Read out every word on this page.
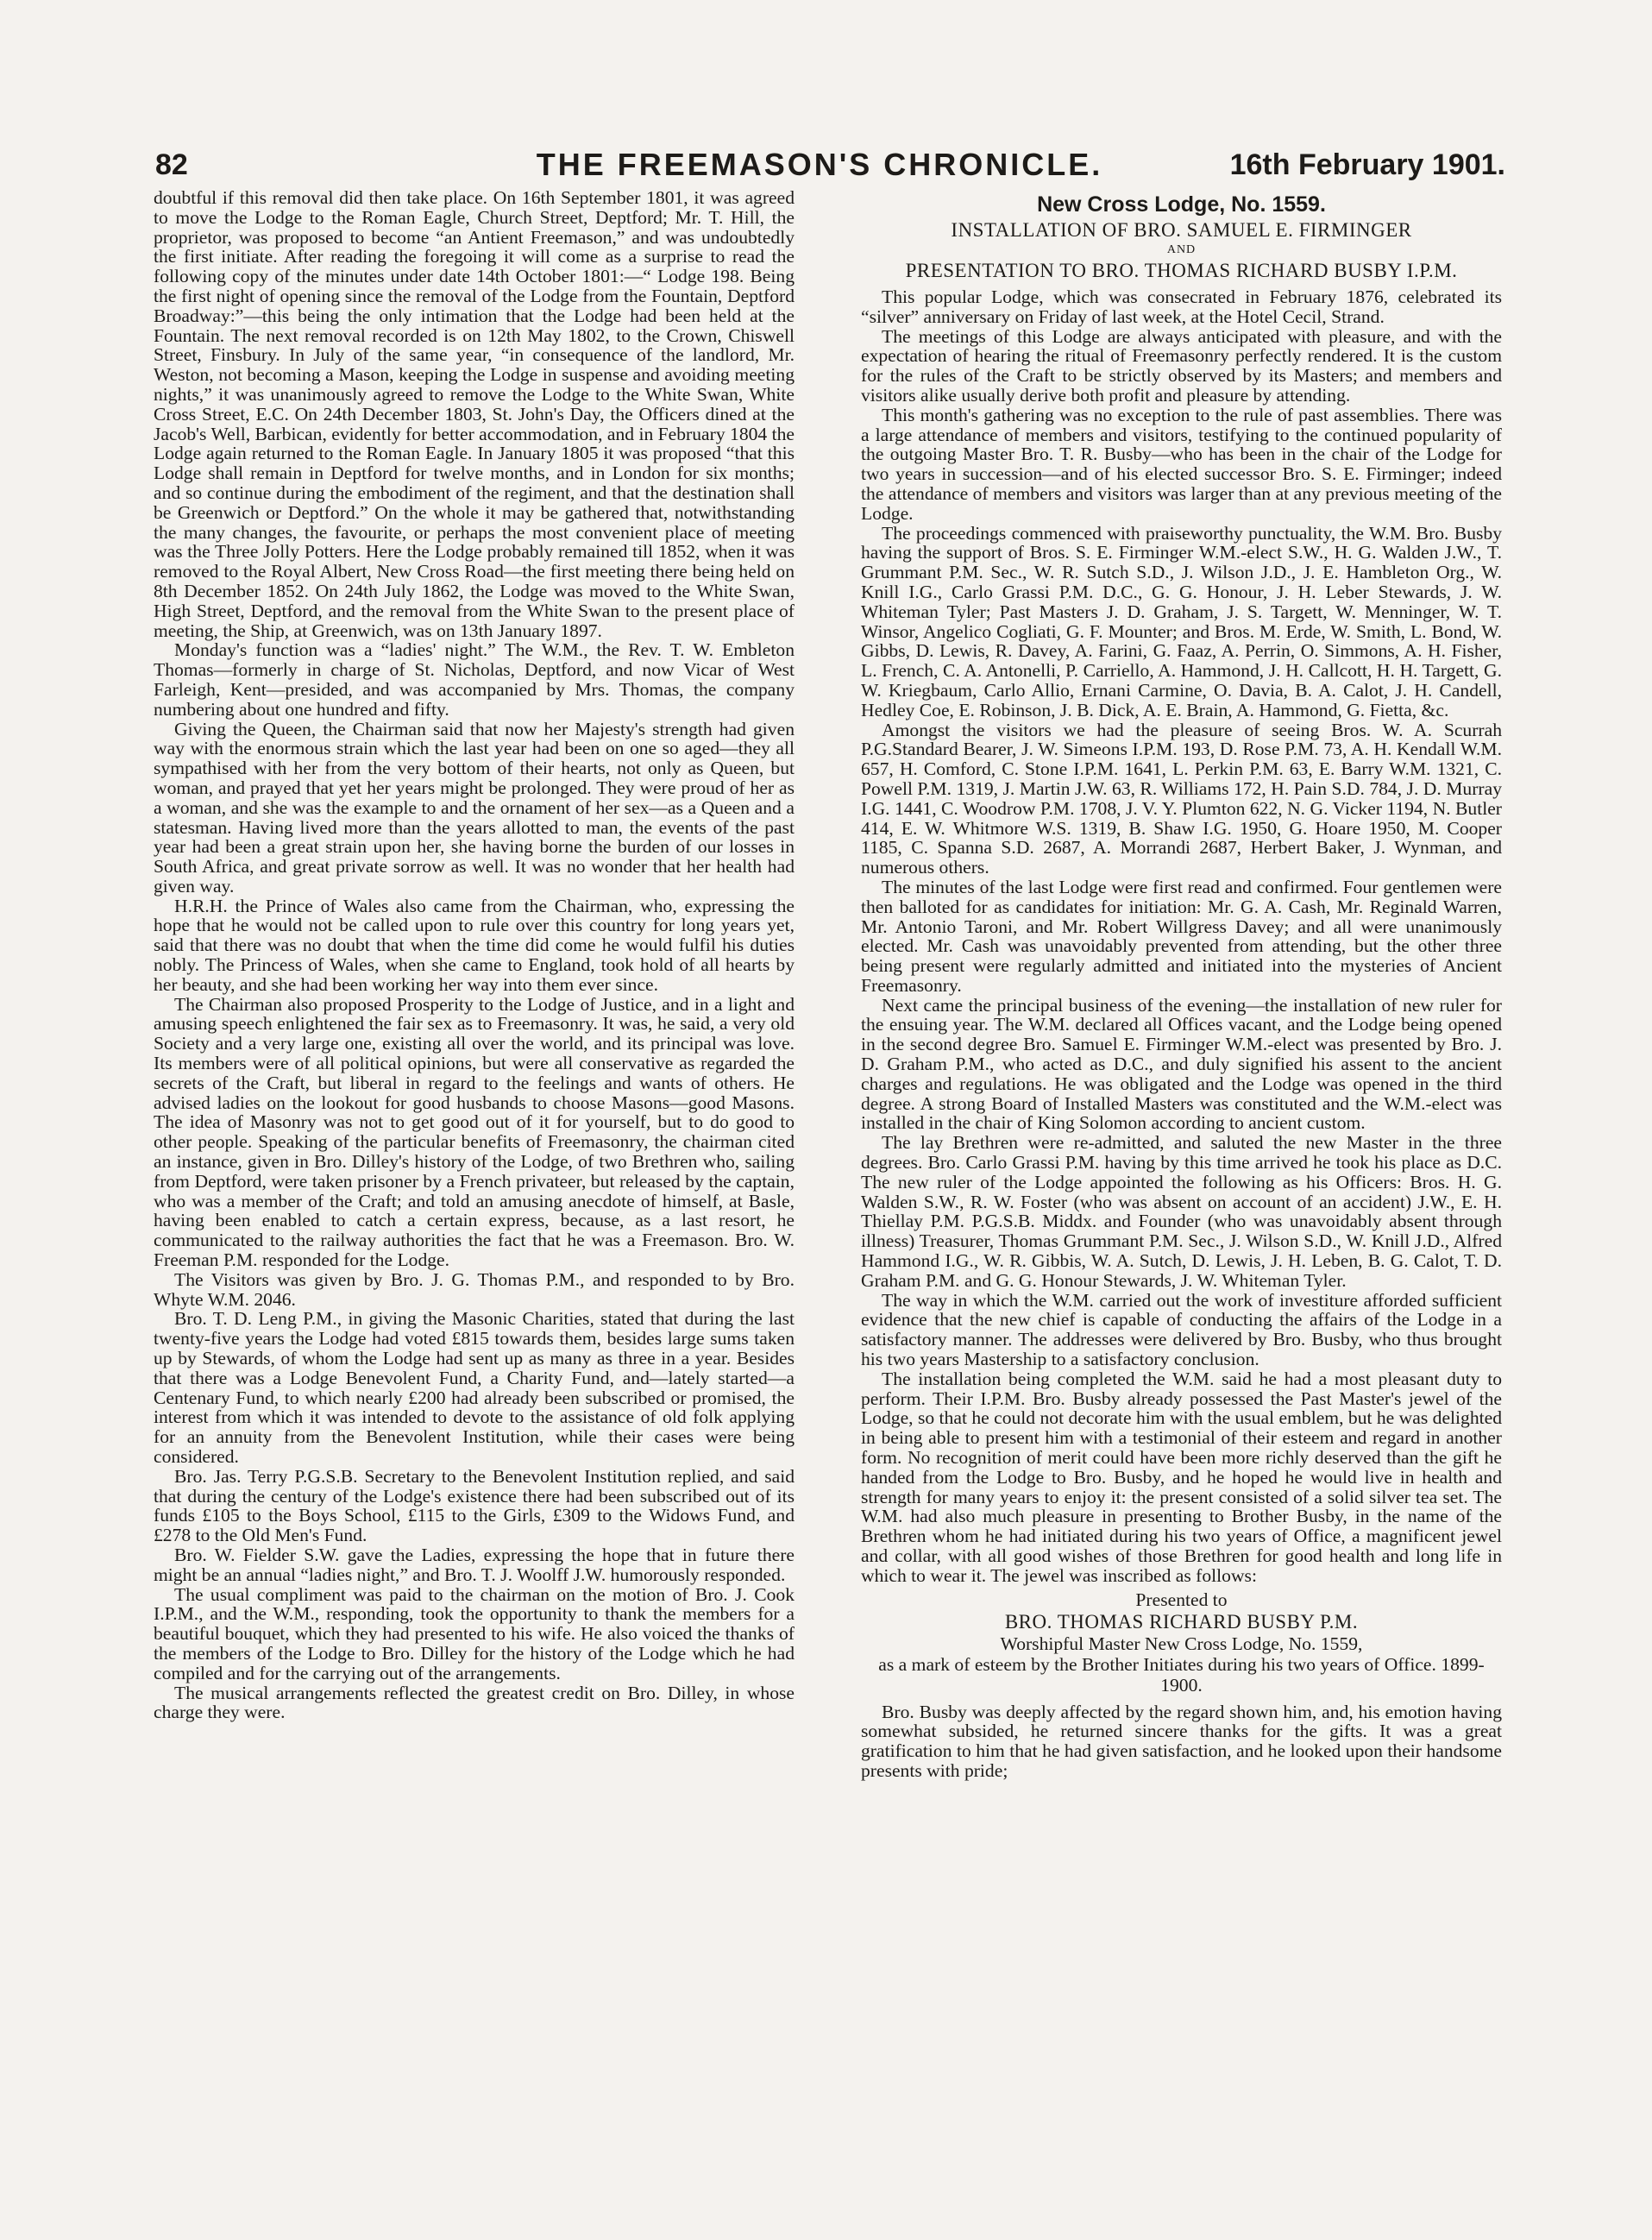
82	THE FREEMASON'S CHRONICLE.	16th February 1901.

doubtful if this removal did then take place. On 16th September 1801, it was agreed to move the Lodge to the Roman Eagle, Church Street, Deptford; Mr. T. Hill, the proprietor, was proposed to become “an Antient Freemason,” and was undoubtedly the first initiate. After reading the foregoing it will come as a surprise to read the following copy of the minutes under date 14th October 1801:—“ Lodge 198. Being the first night of opening since the removal of the Lodge from the Fountain, Deptford Broadway:”—this being the only intimation that the Lodge had been held at the Fountain. The next removal recorded is on 12th May 1802, to the Crown, Chiswell Street, Finsbury. In July of the same year, “in consequence of the landlord, Mr. Weston, not becoming a Mason, keeping the Lodge in suspense and avoiding meeting nights,” it was unanimously agreed to remove the Lodge to the White Swan, White Cross Street, E.C. On 24th December 1803, St. John's Day, the Officers dined at the Jacob's Well, Barbican, evidently for better accommodation, and in February 1804 the Lodge again returned to the Roman Eagle. In January 1805 it was proposed “that this Lodge shall remain in Deptford for twelve months, and in London for six months; and so continue during the embodiment of the regiment, and that the destination shall be Greenwich or Deptford.” On the whole it may be gathered that, notwithstanding the many changes, the favourite, or perhaps the most convenient place of meeting was the Three Jolly Potters. Here the Lodge probably remained till 1852, when it was removed to the Royal Albert, New Cross Road—the first meeting there being held on 8th December 1852. On 24th July 1862, the Lodge was moved to the White Swan, High Street, Deptford, and the removal from the White Swan to the present place of meeting, the Ship, at Greenwich, was on 13th January 1897.

Monday's function was a “ladies' night.” The W.M., the Rev. T. W. Embleton Thomas—formerly in charge of St. Nicholas, Deptford, and now Vicar of West Farleigh, Kent—presided, and was accompanied by Mrs. Thomas, the company numbering about one hundred and fifty.

Giving the Queen, the Chairman said that now her Majesty's strength had given way with the enormous strain which the last year had been on one so aged—they all sympathised with her from the very bottom of their hearts, not only as Queen, but woman, and prayed that yet her years might be prolonged. They were proud of her as a woman, and she was the example to and the ornament of her sex—as a Queen and a statesman. Having lived more than the years allotted to man, the events of the past year had been a great strain upon her, she having borne the burden of our losses in South Africa, and great private sorrow as well. It was no wonder that her health had given way.

H.R.H. the Prince of Wales also came from the Chairman, who, expressing the hope that he would not be called upon to rule over this country for long years yet, said that there was no doubt that when the time did come he would fulfil his duties nobly. The Princess of Wales, when she came to England, took hold of all hearts by her beauty, and she had been working her way into them ever since.

The Chairman also proposed Prosperity to the Lodge of Justice, and in a light and amusing speech enlightened the fair sex as to Freemasonry. It was, he said, a very old Society and a very large one, existing all over the world, and its principal was love. Its members were of all political opinions, but were all conservative as regarded the secrets of the Craft, but liberal in regard to the feelings and wants of others. He advised ladies on the lookout for good husbands to choose Masons—good Masons. The idea of Masonry was not to get good out of it for yourself, but to do good to other people. Speaking of the particular benefits of Freemasonry, the chairman cited an instance, given in Bro. Dilley's history of the Lodge, of two Brethren who, sailing from Deptford, were taken prisoner by a French privateer, but released by the captain, who was a member of the Craft; and told an amusing anecdote of himself, at Basle, having been enabled to catch a certain express, because, as a last resort, he communicated to the railway authorities the fact that he was a Freemason. Bro. W. Freeman P.M. responded for the Lodge.

The Visitors was given by Bro. J. G. Thomas P.M., and responded to by Bro. Whyte W.M. 2046.

Bro. T. D. Leng P.M., in giving the Masonic Charities, stated that during the last twenty-five years the Lodge had voted £815 towards them, besides large sums taken up by Stewards, of whom the Lodge had sent up as many as three in a year. Besides that there was a Lodge Benevolent Fund, a Charity Fund, and—lately started—a Centenary Fund, to which nearly £200 had already been subscribed or promised, the interest from which it was intended to devote to the assistance of old folk applying for an annuity from the Benevolent Institution, while their cases were being considered.

Bro. Jas. Terry P.G.S.B. Secretary to the Benevolent Institution replied, and said that during the century of the Lodge's existence there had been subscribed out of its funds £105 to the Boys School, £115 to the Girls, £309 to the Widows Fund, and £278 to the Old Men's Fund.

Bro. W. Fielder S.W. gave the Ladies, expressing the hope that in future there might be an annual “ladies night,” and Bro. T. J. Woolff J.W. humorously responded.

The usual compliment was paid to the chairman on the motion of Bro. J. Cook I.P.M., and the W.M., responding, took the opportunity to thank the members for a beautiful bouquet, which they had presented to his wife. He also voiced the thanks of the members of the Lodge to Bro. Dilley for the history of the Lodge which he had compiled and for the carrying out of the arrangements.

The musical arrangements reflected the greatest credit on Bro. Dilley, in whose charge they were.

New Cross Lodge, No. 1559.
INSTALLATION OF BRO. SAMUEL E. FIRMINGER
AND
PRESENTATION TO BRO. THOMAS RICHARD BUSBY I.P.M.

This popular Lodge, which was consecrated in February 1876, celebrated its “silver” anniversary on Friday of last week, at the Hotel Cecil, Strand.

The meetings of this Lodge are always anticipated with pleasure, and with the expectation of hearing the ritual of Freemasonry perfectly rendered. It is the custom for the rules of the Craft to be strictly observed by its Masters; and members and visitors alike usually derive both profit and pleasure by attending.

This month's gathering was no exception to the rule of past assemblies. There was a large attendance of members and visitors, testifying to the continued popularity of the outgoing Master Bro. T. R. Busby—who has been in the chair of the Lodge for two years in succession—and of his elected successor Bro. S. E. Firminger; indeed the attendance of members and visitors was larger than at any previous meeting of the Lodge.

The proceedings commenced with praiseworthy punctuality, the W.M. Bro. Busby having the support of Bros. S. E. Firminger W.M.-elect S.W., H. G. Walden J.W., T. Grummant P.M. Sec., W. R. Sutch S.D., J. Wilson J.D., J. E. Hambleton Org., W. Knill I.G., Carlo Grassi P.M. D.C., G. G. Honour, J. H. Leber Stewards, J. W. Whiteman Tyler; Past Masters J. D. Graham, J. S. Targett, W. Menninger, W. T. Winsor, Angelico Cogliati, G. F. Mounter; and Bros. M. Erde, W. Smith, L. Bond, W. Gibbs, D. Lewis, R. Davey, A. Farini, G. Faaz, A. Perrin, O. Simmons, A. H. Fisher, L. French, C. A. Antonelli, P. Carriello, A. Hammond, J. H. Callcott, H. H. Targett, G. W. Kriegbaum, Carlo Allio, Ernani Carmine, O. Davia, B. A. Calot, J. H. Candell, Hedley Coe, E. Robinson, J. B. Dick, A. E. Brain, A. Hammond, G. Fietta, &c.

Amongst the visitors we had the pleasure of seeing Bros. W. A. Scurrah P.G.Standard Bearer, J. W. Simeons I.P.M. 193, D. Rose P.M. 73, A. H. Kendall W.M. 657, H. Comford, C. Stone I.P.M. 1641, L. Perkin P.M. 63, E. Barry W.M. 1321, C. Powell P.M. 1319, J. Martin J.W. 63, R. Williams 172, H. Pain S.D. 784, J. D. Murray I.G. 1441, C. Woodrow P.M. 1708, J. V. Y. Plumton 622, N. G. Vicker 1194, N. Butler 414, E. W. Whitmore W.S. 1319, B. Shaw I.G. 1950, G. Hoare 1950, M. Cooper 1185, C. Spanna S.D. 2687, A. Morrandi 2687, Herbert Baker, J. Wynman, and numerous others.

The minutes of the last Lodge were first read and confirmed. Four gentlemen were then balloted for as candidates for initiation: Mr. G. A. Cash, Mr. Reginald Warren, Mr. Antonio Taroni, and Mr. Robert Willgress Davey; and all were unanimously elected. Mr. Cash was unavoidably prevented from attending, but the other three being present were regularly admitted and initiated into the mysteries of Ancient Freemasonry.

Next came the principal business of the evening—the installation of new ruler for the ensuing year. The W.M. declared all Offices vacant, and the Lodge being opened in the second degree Bro. Samuel E. Firminger W.M.-elect was presented by Bro. J. D. Graham P.M., who acted as D.C., and duly signified his assent to the ancient charges and regulations. He was obligated and the Lodge was opened in the third degree. A strong Board of Installed Masters was constituted and the W.M.-elect was installed in the chair of King Solomon according to ancient custom.

The lay Brethren were re-admitted, and saluted the new Master in the three degrees. Bro. Carlo Grassi P.M. having by this time arrived he took his place as D.C. The new ruler of the Lodge appointed the following as his Officers: Bros. H. G. Walden S.W., R. W. Foster (who was absent on account of an accident) J.W., E. H. Thiellay P.M. P.G.S.B. Middx. and Founder (who was unavoidably absent through illness) Treasurer, Thomas Grummant P.M. Sec., J. Wilson S.D., W. Knill J.D., Alfred Hammond I.G., W. R. Gibbis, W. A. Sutch, D. Lewis, J. H. Leben, B. G. Calot, T. D. Graham P.M. and G. G. Honour Stewards, J. W. Whiteman Tyler.

The way in which the W.M. carried out the work of investiture afforded sufficient evidence that the new chief is capable of conducting the affairs of the Lodge in a satisfactory manner. The addresses were delivered by Bro. Busby, who thus brought his two years Mastership to a satisfactory conclusion.

The installation being completed the W.M. said he had a most pleasant duty to perform. Their I.P.M. Bro. Busby already possessed the Past Master's jewel of the Lodge, so that he could not decorate him with the usual emblem, but he was delighted in being able to present him with a testimonial of their esteem and regard in another form. No recognition of merit could have been more richly deserved than the gift he handed from the Lodge to Bro. Busby, and he hoped he would live in health and strength for many years to enjoy it: the present consisted of a solid silver tea set. The W.M. had also much pleasure in presenting to Brother Busby, in the name of the Brethren whom he had initiated during his two years of Office, a magnificent jewel and collar, with all good wishes of those Brethren for good health and long life in which to wear it. The jewel was inscribed as follows:

Presented to
BRO. THOMAS RICHARD BUSBY P.M.
Worshipful Master New Cross Lodge, No. 1559,
as a mark of esteem by the Brother Initiates during his two years of Office. 1899-1900.

Bro. Busby was deeply affected by the regard shown him, and, his emotion having somewhat subsided, he returned sincere thanks for the gifts. It was a great gratification to him that he had given satisfaction, and he looked upon their handsome presents with pride;
